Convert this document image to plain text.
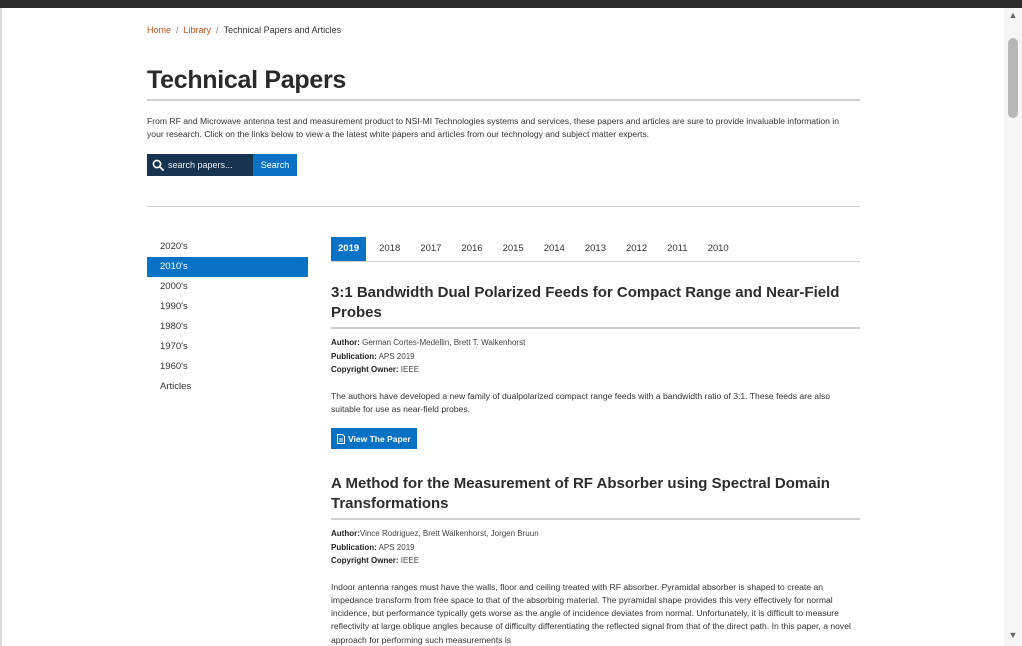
Home / Library / Technical Papers and Articles
Technical Papers

From RF and Microwave antenna test and measurement product to NSI-MI Technologies systems and services, these papers and articles are sure to provide invaluable information in your research. Click on the links below to view a the latest white papers and articles from our technology and subject matter experts.

search papers...
Search
2020's
2010's
2000's
1990's
1980's
1970's
1960's
Articles
2019	2018	2017	2016	2015	2014	2013	2012	2011	2010
3:1 Bandwidth Dual Polarized Feeds for Compact Range and Near-Field Probes
Author: German Cortes-Medellin, Brett T. Walkenhorst
Publication: APS 2019
Copyright Owner: IEEE

The authors have developed a new family of dualpolarized compact range feeds with a bandwidth ratio of 3:1. These feeds are also suitable for use as near-field probes.

View The Paper
A Method for the Measurement of RF Absorber using Spectral Domain Transformations
Author:Vince Rodriguez, Brett Walkenhorst, Jorgen Bruun
Publication: APS 2019
Copyright Owner: IEEE

Indoor antenna ranges must have the walls, floor and ceiling treated with RF absorber. Pyramidal absorber is shaped to create an impedance transform from free space to that of the absorbing material. The pyramidal shape provides this very effectively for normal incidence, but performance typically gets worse as the angle of incidence deviates from normal. Unfortunately, it is difficult to measure reflectivity at large oblique angles because of difficulty differentiating the reflected signal from that of the direct path. In this paper, a novel approach for performing such measurements is

▲
▼
